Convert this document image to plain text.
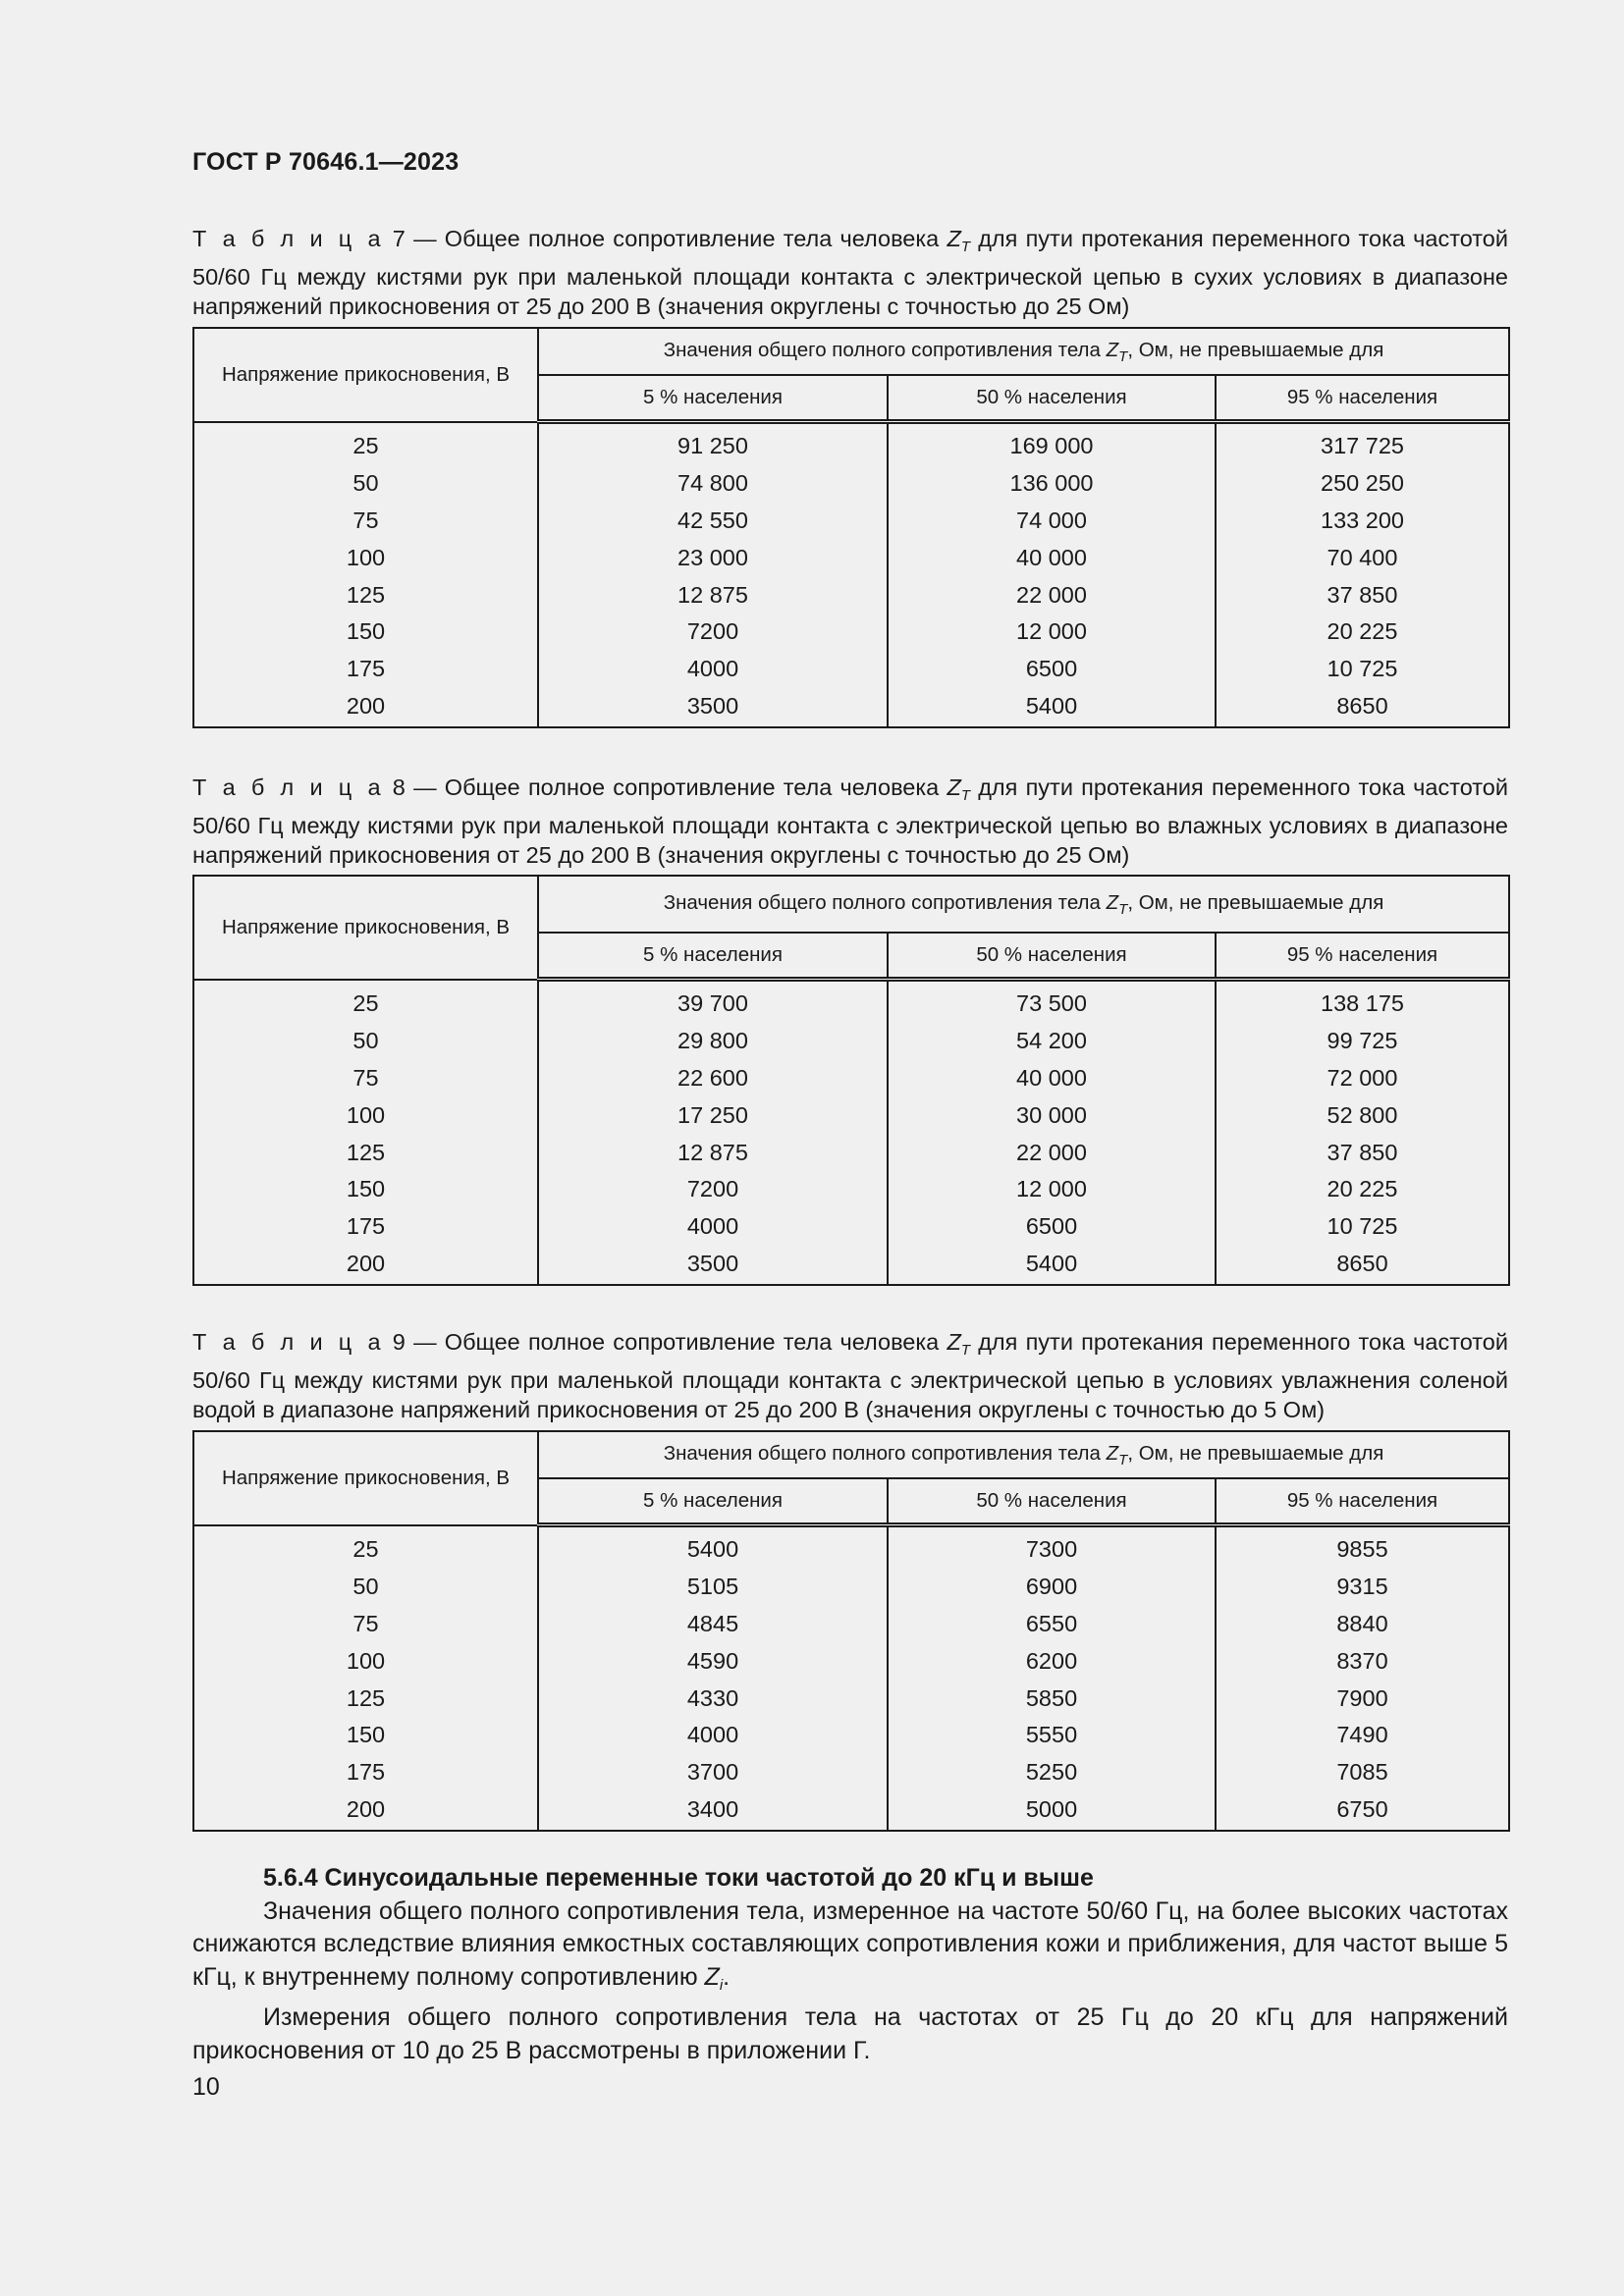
ГОСТ Р 70646.1—2023
Т а б л и ц а 7 — Общее полное сопротивление тела человека $Z_T$ для пути протекания переменного тока частотой 50/60 Гц между кистями рук при маленькой площади контакта с электрической цепью в сухих условиях в диапазоне напряжений прикосновения от 25 до 200 В (значения округлены с точностью до 25 Ом)
Напряжение прикосновения, В	Значения общего полного сопротивления тела $Z_T$, Ом, не превышаемые для		
	5 % населения	50 % населения	95 % населения
25	91 250	169 000	317 725
50	74 800	136 000	250 250
75	42 550	74 000	133 200
100	23 000	40 000	70 400
125	12 875	22 000	37 850
150	7200	12 000	20 225
175	4000	6500	10 725
200	3500	5400	8650
Т а б л и ц а 8 — Общее полное сопротивление тела человека $Z_T$ для пути протекания переменного тока частотой 50/60 Гц между кистями рук при маленькой площади контакта с электрической цепью во влажных условиях в диапазоне напряжений прикосновения от 25 до 200 В (значения округлены с точностью до 25 Ом)
Напряжение прикосновения, В	Значения общего полного сопротивления тела $Z_T$, Ом, не превышаемые для		
	5 % населения	50 % населения	95 % населения
25	39 700	73 500	138 175
50	29 800	54 200	99 725
75	22 600	40 000	72 000
100	17 250	30 000	52 800
125	12 875	22 000	37 850
150	7200	12 000	20 225
175	4000	6500	10 725
200	3500	5400	8650
Т а б л и ц а 9 — Общее полное сопротивление тела человека $Z_T$ для пути протекания переменного тока частотой 50/60 Гц между кистями рук при маленькой площади контакта с электрической цепью в условиях увлажнения соленой водой в диапазоне напряжений прикосновения от 25 до 200 В (значения округлены с точностью до 5 Ом)
Напряжение прикосновения, В	Значения общего полного сопротивления тела $Z_T$, Ом, не превышаемые для		
	5 % населения	50 % населения	95 % населения
25	5400	7300	9855
50	5105	6900	9315
75	4845	6550	8840
100	4590	6200	8370
125	4330	5850	7900
150	4000	5550	7490
175	3700	5250	7085
200	3400	5000	6750

5.6.4 Синусоидальные переменные токи частотой до 20 кГц и выше

Значения общего полного сопротивления тела, измеренное на частоте 50/60 Гц, на более высоких частотах снижаются вследствие влияния емкостных составляющих сопротивления кожи и приближения, для частот выше 5 кГц, к внутреннему полному сопротивлению $Z_i$.

Измерения общего полного сопротивления тела на частотах от 25 Гц до 20 кГц для напряжений прикосновения от 10 до 25 В рассмотрены в приложении Г.

10
